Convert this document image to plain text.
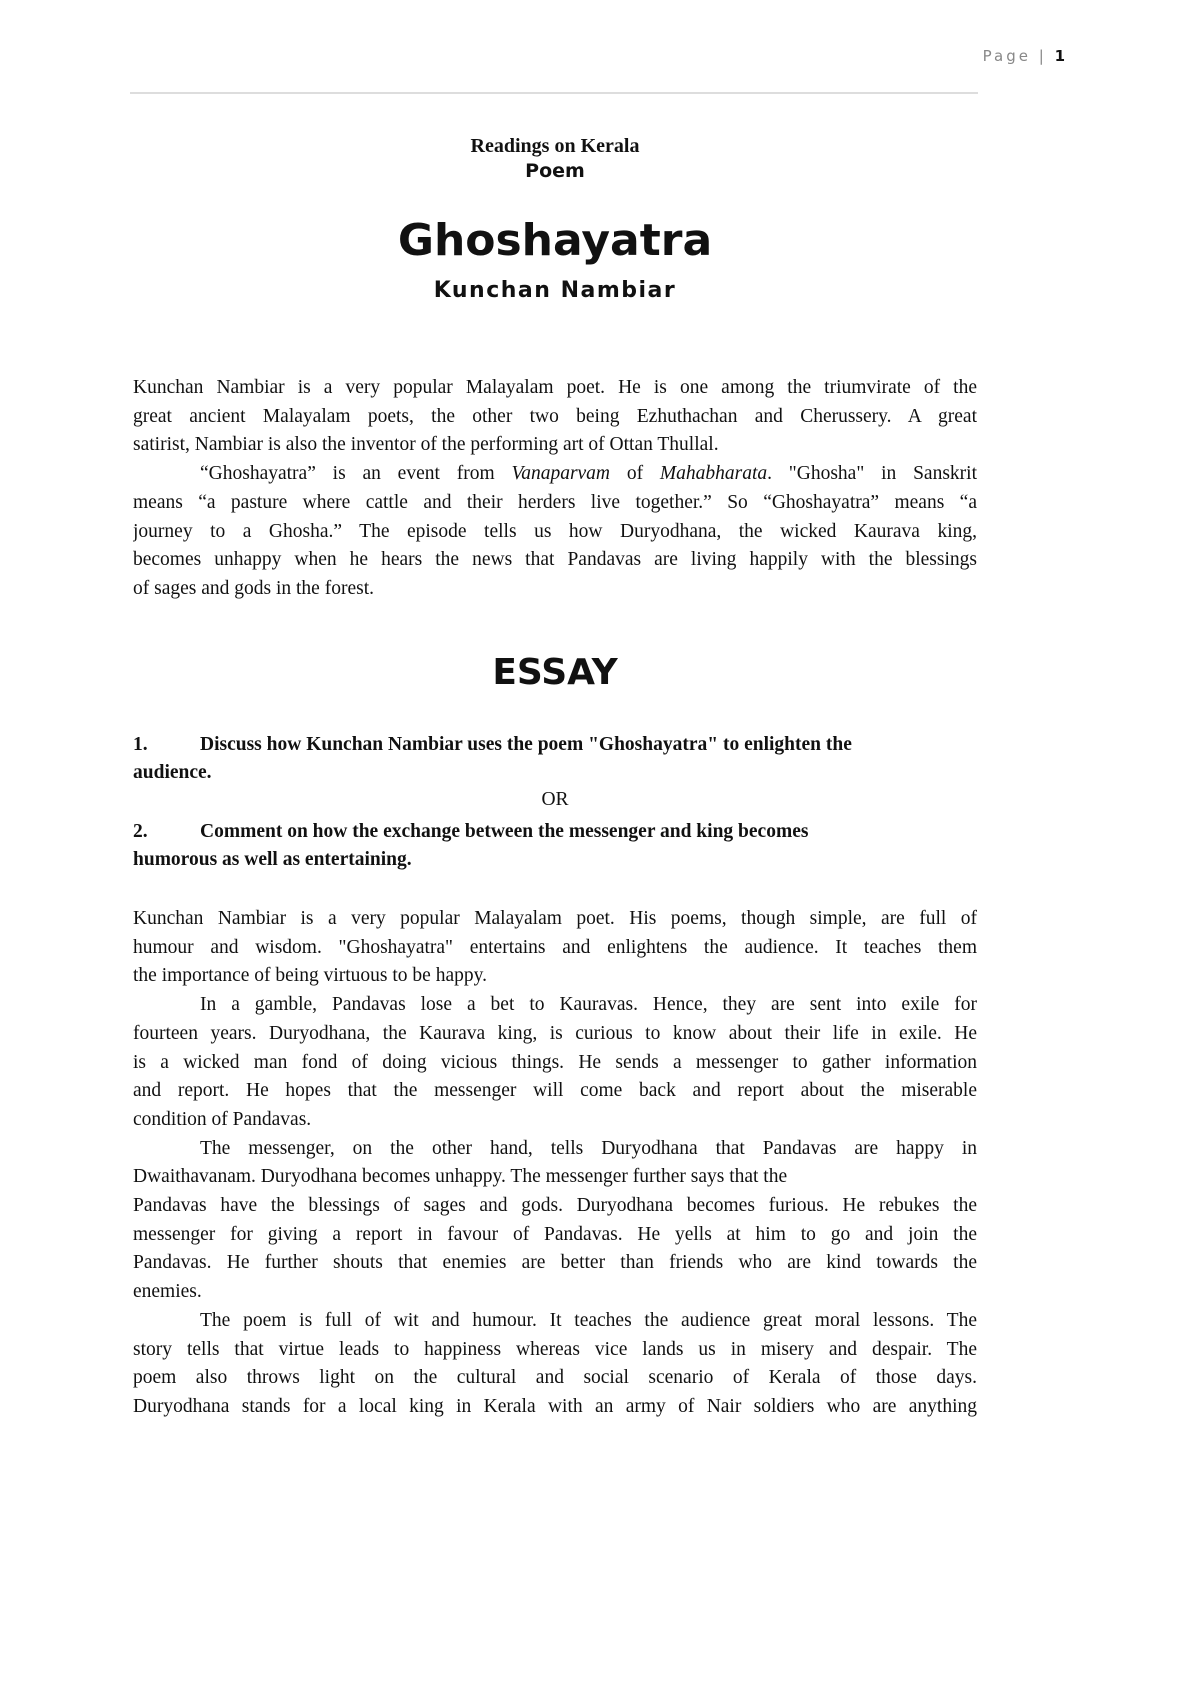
Page | 1
Readings on Kerala
Poem
Ghoshayatra
Kunchan Nambiar
Kunchan Nambiar is a very popular Malayalam poet. He is one among the triumvirate of the
great ancient Malayalam poets, the other two being Ezhuthachan and Cherussery. A great
satirist, Nambiar is also the inventor of the performing art of Ottan Thullal.
“Ghoshayatra” is an event from Vanaparvam of Mahabharata. "Ghosha" in Sanskrit
means “a pasture where cattle and their herders live together.” So “Ghoshayatra” means “a
journey to a Ghosha.” The episode tells us how Duryodhana, the wicked Kaurava king,
becomes unhappy when he hears the news that Pandavas are living happily with the blessings
of sages and gods in the forest.
ESSAY
1.	Discuss how Kunchan Nambiar uses the poem "Ghoshayatra" to enlighten the
audience.
OR
2.	Comment on how the exchange between the messenger and king becomes
humorous as well as entertaining.
Kunchan Nambiar is a very popular Malayalam poet. His poems, though simple, are full of
humour and wisdom. "Ghoshayatra" entertains and enlightens the audience. It teaches them
the importance of being virtuous to be happy.
In a gamble, Pandavas lose a bet to Kauravas. Hence, they are sent into exile for
fourteen years. Duryodhana, the Kaurava king, is curious to know about their life in exile. He
is a wicked man fond of doing vicious things. He sends a messenger to gather information
and report. He hopes that the messenger will come back and report about the miserable
condition of Pandavas.
The messenger, on the other hand, tells Duryodhana that Pandavas are happy in
Dwaithavanam. Duryodhana becomes unhappy. The messenger further says that the
Pandavas have the blessings of sages and gods. Duryodhana becomes furious. He rebukes the
messenger for giving a report in favour of Pandavas. He yells at him to go and join the
Pandavas. He further shouts that enemies are better than friends who are kind towards the
enemies.
The poem is full of wit and humour. It teaches the audience great moral lessons. The
story tells that virtue leads to happiness whereas vice lands us in misery and despair. The
poem also throws light on the cultural and social scenario of Kerala of those days.
Duryodhana stands for a local king in Kerala with an army of Nair soldiers who are anything
